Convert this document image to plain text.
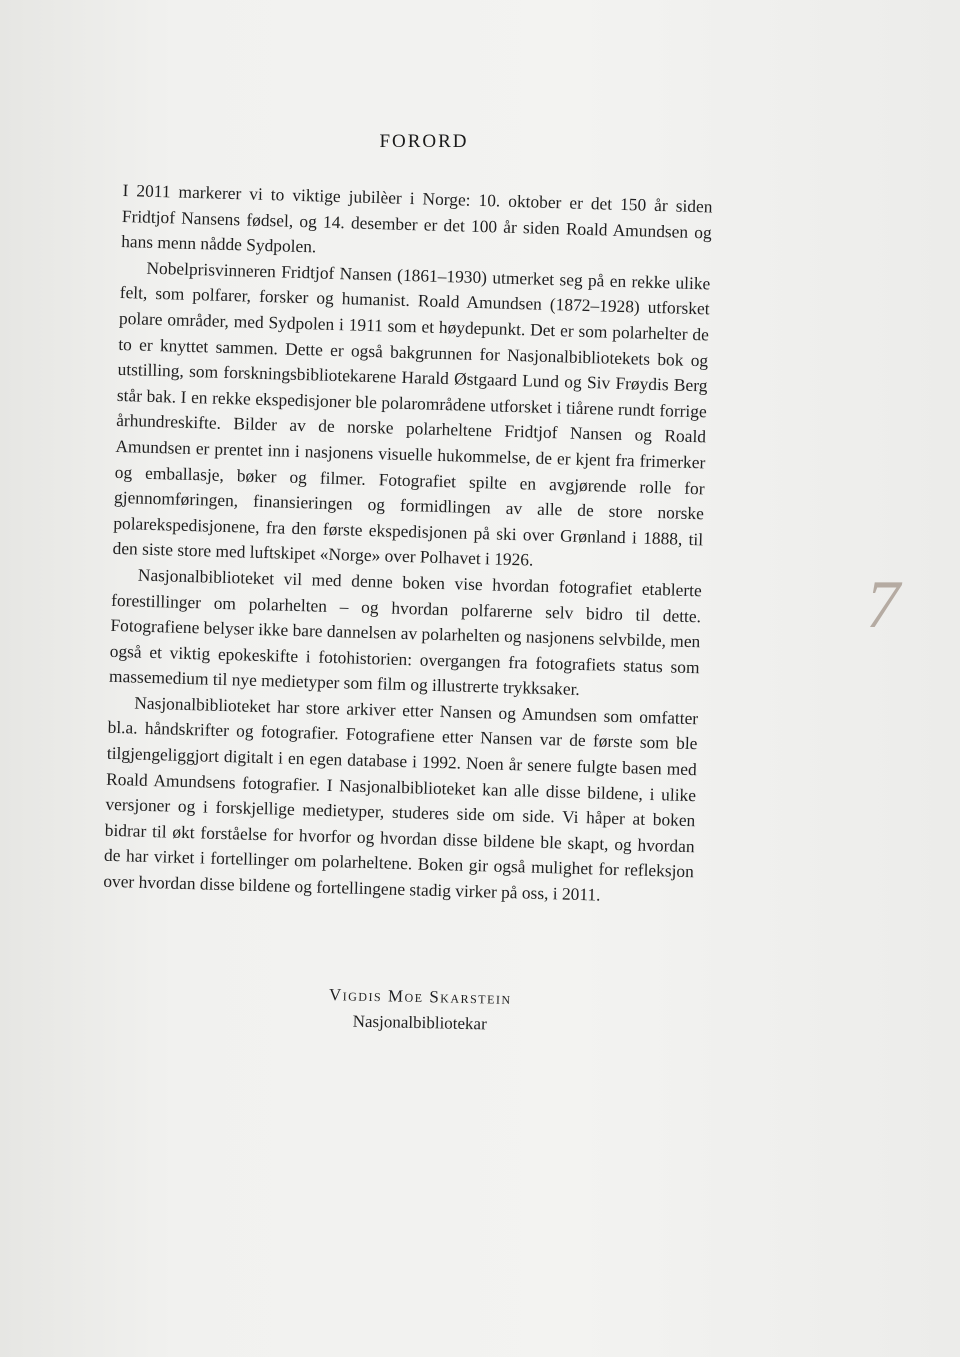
FORORD

I 2011 markerer vi to viktige jubilèer i Norge: 10. oktober er det 150 år siden Fridtjof Nansens fødsel, og 14. desember er det 100 år siden Roald Amundsen og hans menn nådde Sydpolen.

Nobelprisvinneren Fridtjof Nansen (1861–1930) utmerket seg på en rekke ulike felt, som polfarer, forsker og humanist. Roald Amundsen (1872–1928) utforsket polare områder, med Sydpolen i 1911 som et høydepunkt. Det er som polarhelter de to er knyttet sammen. Dette er også bakgrunnen for Nasjonalbibliotekets bok og utstilling, som forskningsbibliotekarene Harald Østgaard Lund og Siv Frøydis Berg står bak. I en rekke ekspedisjoner ble polarområdene utforsket i tiårene rundt forrige århundreskifte. Bilder av de norske polarheltene Fridtjof Nansen og Roald Amundsen er prentet inn i nasjonens visuelle hukommelse, de er kjent fra frimerker og emballasje, bøker og filmer. Fotografiet spilte en avgjørende rolle for gjennomføringen, finansieringen og formidlingen av alle de store norske polarekspedisjonene, fra den første ekspedisjonen på ski over Grønland i 1888, til den siste store med luftskipet «Norge» over Polhavet i 1926.

Nasjonalbiblioteket vil med denne boken vise hvordan fotografiet etablerte forestillinger om polarhelten – og hvordan polfarerne selv bidro til dette. Fotografiene belyser ikke bare dannelsen av polarhelten og nasjonens selvbilde, men også et viktig epokeskifte i fotohistorien: overgangen fra fotografiets status som massemedium til nye medietyper som film og illustrerte trykksaker.

Nasjonalbiblioteket har store arkiver etter Nansen og Amundsen som omfatter bl.a. håndskrifter og fotografier. Fotografiene etter Nansen var de første som ble tilgjengeliggjort digitalt i en egen database i 1992. Noen år senere fulgte basen med Roald Amundsens fotografier. I Nasjonalbiblioteket kan alle disse bildene, i ulike versjoner og i forskjellige medietyper, studeres side om side. Vi håper at boken bidrar til økt forståelse for hvorfor og hvordan disse bildene ble skapt, og hvordan de har virket i fortellinger om polarheltene. Boken gir også mulighet for refleksjon over hvordan disse bildene og fortellingene stadig virker på oss, i 2011.

Vigdis Moe Skarstein
Nasjonalbibliotekar
7
